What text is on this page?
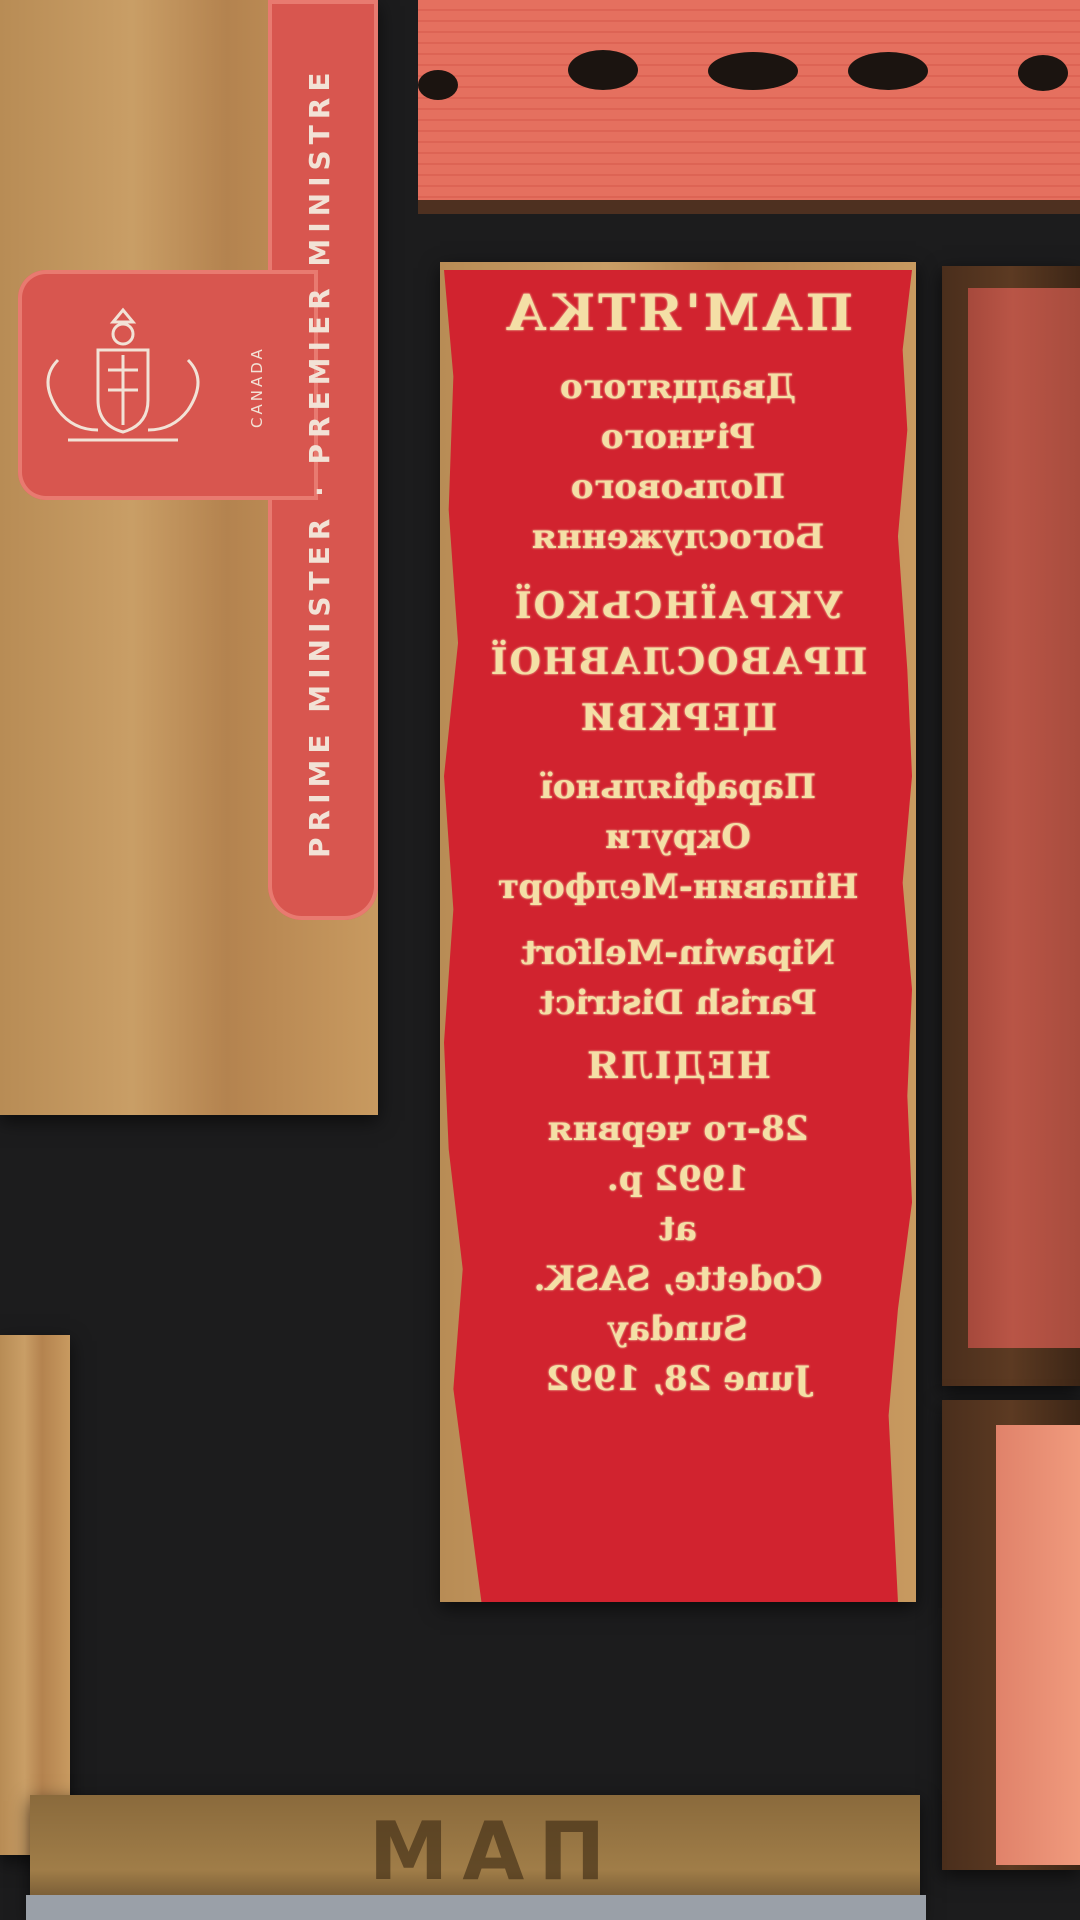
PRIME MINISTER · PREMIER MINISTRE
CANADA
ПАМ
ПАМ'ЯТКА
Двадцятого
Річного
Польового
Богослуження
УКРАЇНСЬКОЇ
ПРАВОСЛАВНОЇ
ЦЕРКВИ
Парафіяльної
Округи
Ніпавин-Мелфорт
Nipawin-Melfort
Parish District
НЕДІЛЯ
28-го червня
1992 р.
at
Codette, SASK.
Sunday
June 28, 1992
